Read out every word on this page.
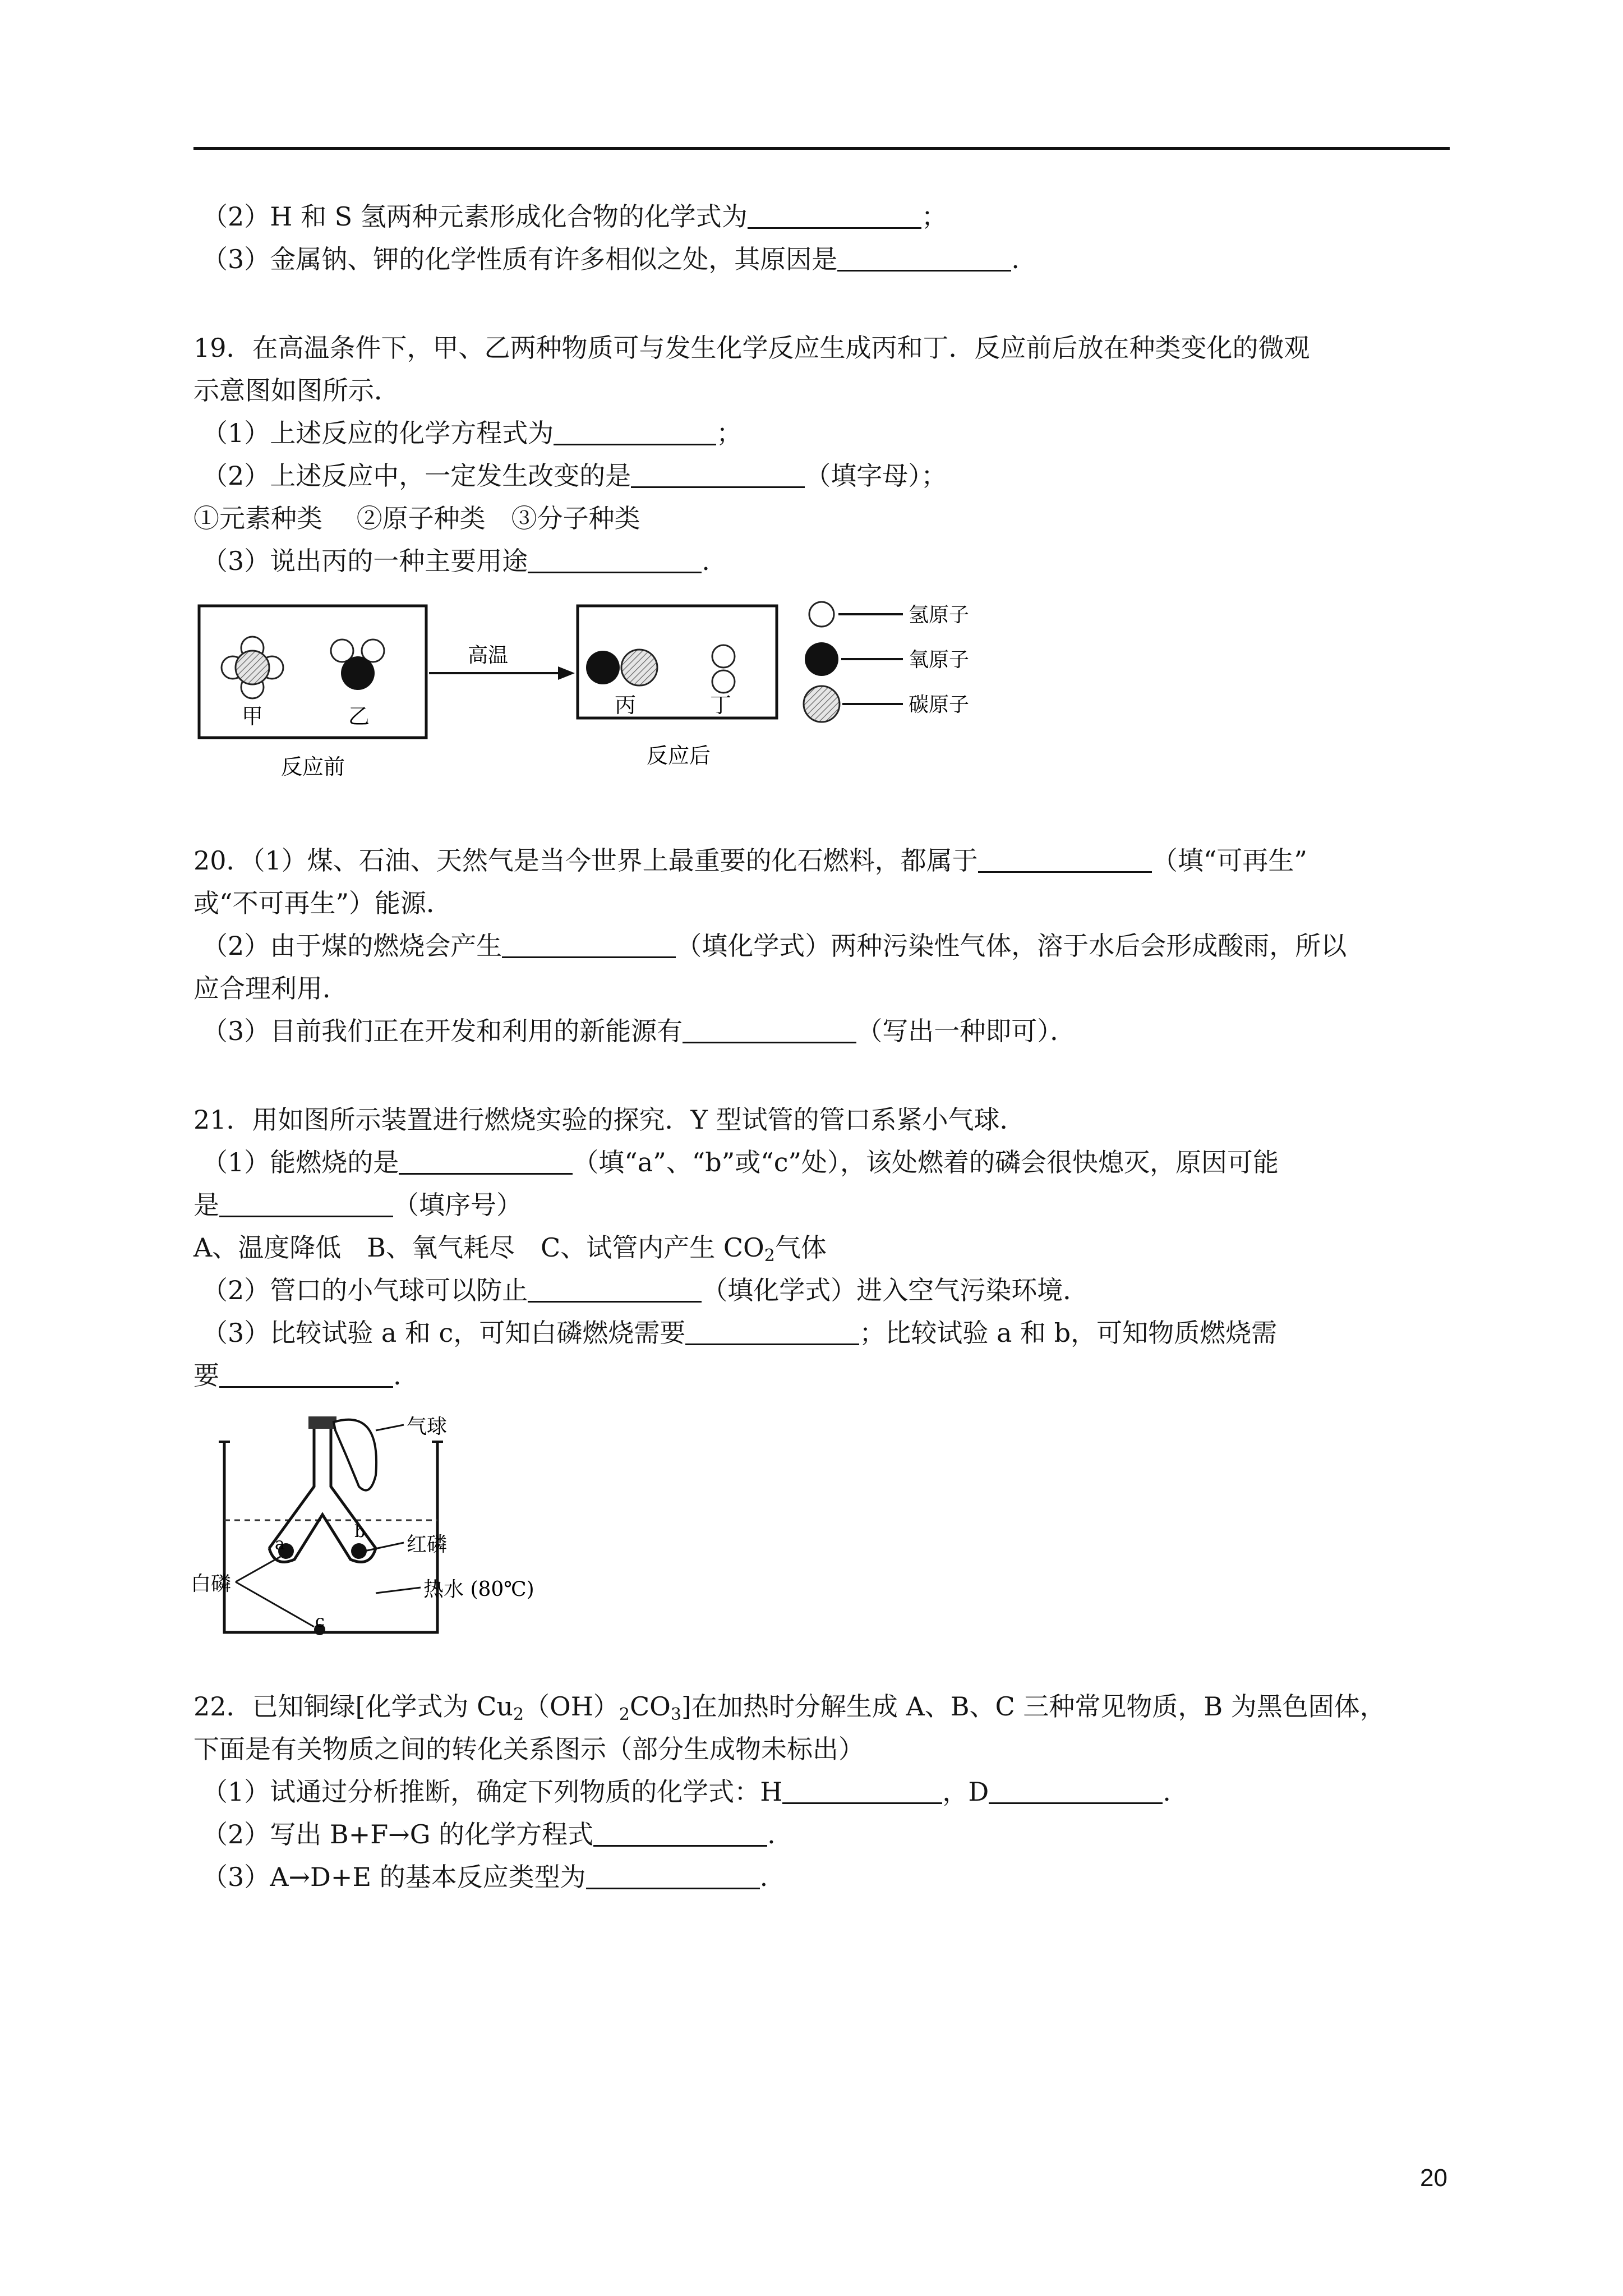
（2）H 和 S 氢两种元素形成化合物的化学式为	；
（3）金属钠、钾的化学性质有许多相似之处，其原因是	.
19．在高温条件下，甲、乙两种物质可与发生化学反应生成丙和丁．反应前后放在种类变化的微观
示意图如图所示．
（1）上述反应的化学方程式为	；
（2）上述反应中，一定发生改变的是	（填字母）；
①元素种类　 ②原子种类　③分子种类
（3）说出丙的一种主要用途	.
甲	乙
反应前
高温
丙	丁
反应后
氢原子
氧原子
碳原子
20．（1）煤、石油、天然气是当今世界上最重要的化石燃料，都属于	（填“可再生”
或“不可再生”）能源．
（2）由于煤的燃烧会产生	（填化学式）两种污染性气体，溶于水后会形成酸雨，所以
应合理利用．
（3）目前我们正在开发和利用的新能源有	（写出一种即可）．
21．用如图所示装置进行燃烧实验的探究．Y 型试管的管口系紧小气球．
（1）能燃烧的是	（填“a”、“b”或“c”处），该处燃着的磷会很快熄灭，原因可能
是	（填序号）
A、温度降低　B、氧气耗尽　C、试管内产生 $CO_2$气体
（2）管口的小气球可以防止	（填化学式）进入空气污染环境．
（3）比较试验 a 和 c，可知白磷燃烧需要	；比较试验 a 和 b，可知物质燃烧需
要	.
气球
a
b
c
红磷
白磷	热水 (80℃)
22．已知铜绿[化学式为 $Cu_2(OH)_2CO_3$]在加热时分解生成 A、B、C 三种常见物质，B 为黑色固体，
下面是有关物质之间的转化关系图示（部分生成物未标出）
（1）试通过分析推断，确定下列物质的化学式：H	，D	.
（2）写出 B+F→G 的化学方程式	.
（3）A→D+E 的基本反应类型为	.
20
